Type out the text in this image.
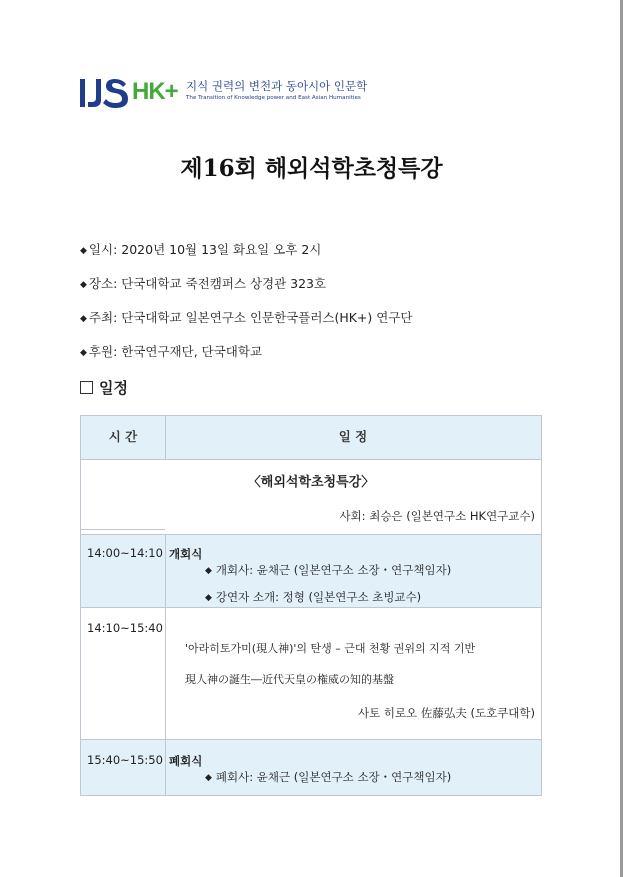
HK+ 지식 권력의 변천과 동아시아 인문학
The Transition of Knowledge power and East Asian Humanities
제16회 해외석학초청특강
◆ 일시: 2020년 10월 13일 화요일 오후 2시
◆ 장소: 단국대학교 죽전캠퍼스 상경관 323호
◆ 주최: 단국대학교 일본연구소 인문한국플러스(HK+) 연구단
◆ 후원: 한국연구재단, 단국대학교
일정
시 간	일 정
〈해외석학초청특강〉
사회: 최승은 (일본연구소 HK연구교수)
14:00~14:10 개회식
◆ 개회사: 윤채근 (일본연구소 소장・연구책임자)
◆ 강연자 소개: 정형 (일본연구소 초빙교수)
14:10~15:40
'아라히토가미(現人神)'의 탄생 – 근대 천황 권위의 지적 기반
現人神の誕生―近代天皇の権威の知的基盤
사토 히로오 佐藤弘夫 (도호쿠대학)
15:40~15:50 폐회식
◆ 폐회사: 윤채근 (일본연구소 소장・연구책임자)
